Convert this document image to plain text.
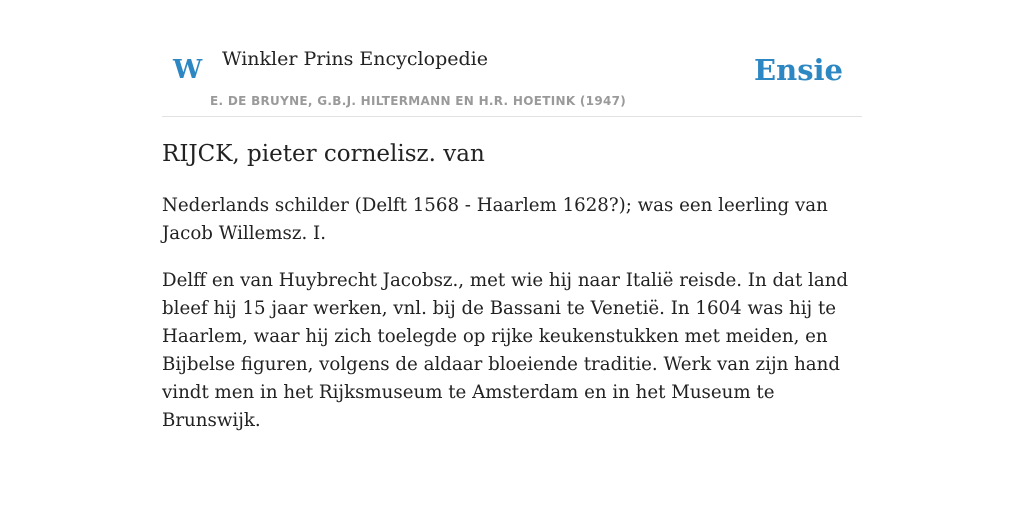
W Winkler Prins Encyclopedie
E. DE BRUYNE, G.B.J. HILTERMANN EN H.R. HOETINK (1947)
Ensie
RIJCK, pieter cornelisz. van

Nederlands schilder (Delft 1568 - Haarlem 1628?); was een leerling van Jacob Willemsz. I.

Delff en van Huybrecht Jacobsz., met wie hij naar Italië reisde. In dat land bleef hij 15 jaar werken, vnl. bij de Bassani te Venetië. In 1604 was hij te Haarlem, waar hij zich toelegde op rijke keukenstukken met meiden, en Bijbelse figuren, volgens de aldaar bloeiende traditie. Werk van zijn hand vindt men in het Rijksmuseum te Amsterdam en in het Museum te Brunswijk.
